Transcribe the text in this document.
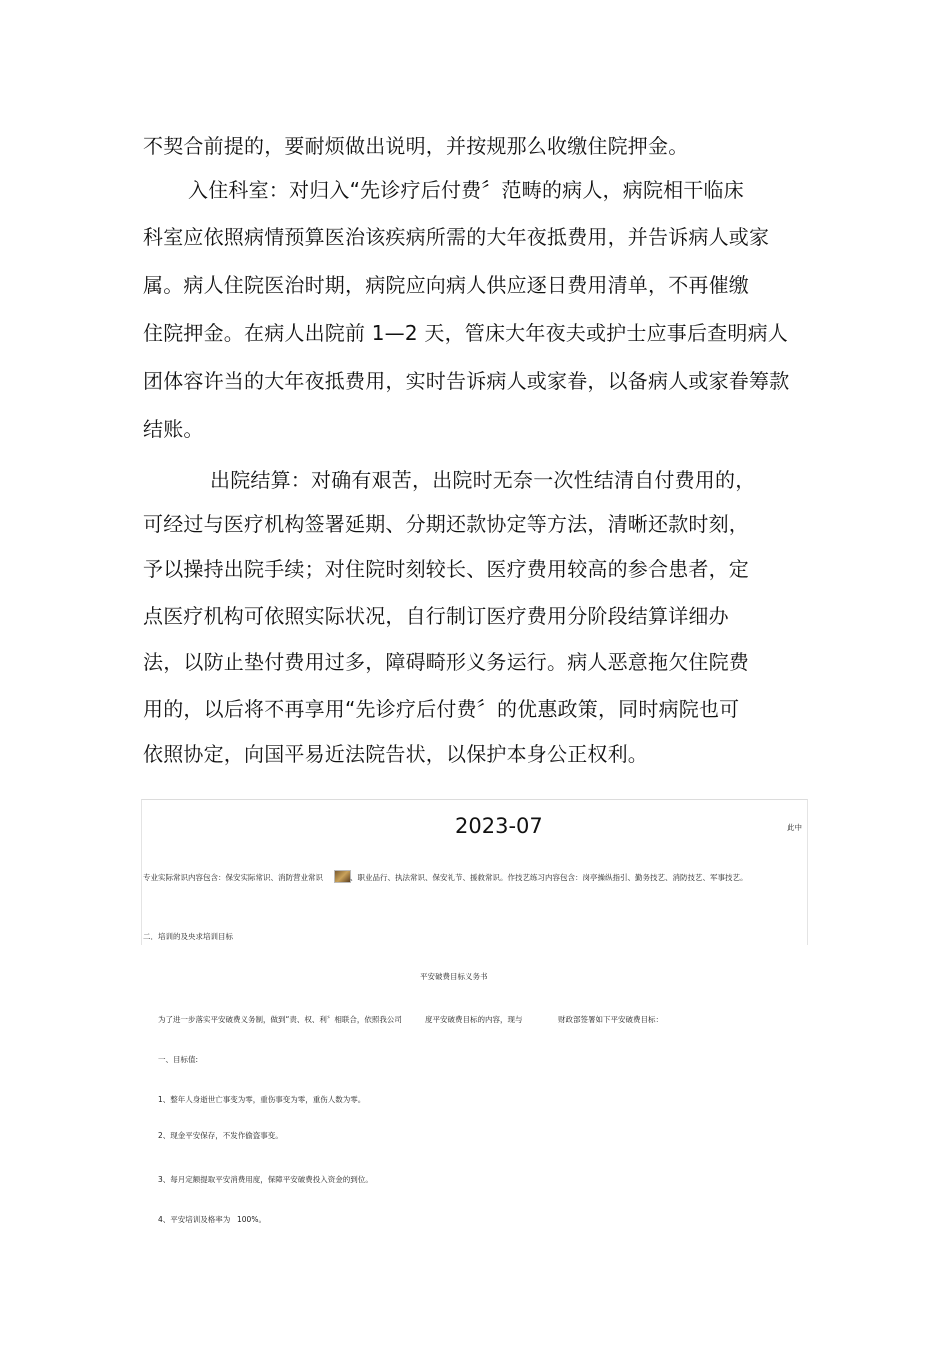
不契合前提的，要耐烦做出说明，并按规那么收缴住院押金。
入住科室：对归入“先诊疗后付费〞范畴的病人，病院相干临床
科室应依照病情预算医治该疾病所需的大年夜抵费用，并告诉病人或家
属。病人住院医治时期，病院应向病人供应逐日费用清单，不再催缴
住院押金。在病人出院前 1—2 天，管床大年夜夫或护士应事后查明病人
团体容许当的大年夜抵费用，实时告诉病人或家眷，以备病人或家眷筹款
结账。
出院结算：对确有艰苦，出院时无奈一次性结清自付费用的，
可经过与医疗机构签署延期、分期还款协定等方法，清晰还款时刻，
予以操持出院手续；对住院时刻较长、医疗费用较高的参合患者，定
点医疗机构可依照实际状况，自行制订医疗费用分阶段结算详细办
法，以防止垫付费用过多，障碍畸形义务运行。病人恶意拖欠住院费
用的，以后将不再享用“先诊疗后付费〞的优惠政策，同时病院也可
依照协定，向国平易近法院告状，以保护本身公正权利。
2023-07	此中
专业实际常识内容包含：保安实际常识、消防营业常识	、职业品行、执法常识、保安礼节、援救常识。作技艺练习内容包含：岗亭操纵指引、勤务技艺、消防技艺、军事技艺。
二．培训的及央求培训目标
平安破费目标义务书
为了进一步落实平安破费义务制，做到“责、权、利〞相联合，依照我公司	度平安破费目标的内容，现与	财政部签署如下平安破费目标：
一、目标值:
1、整年人身逝世亡事变为零，重伤事变为零，重伤人数为零。
2、现金平安保存，不发作偷盗事变。
3、每月定额提取平安消费用度，保障平安破费投入资金的到位。
4、平安培训及格率为 100%。
